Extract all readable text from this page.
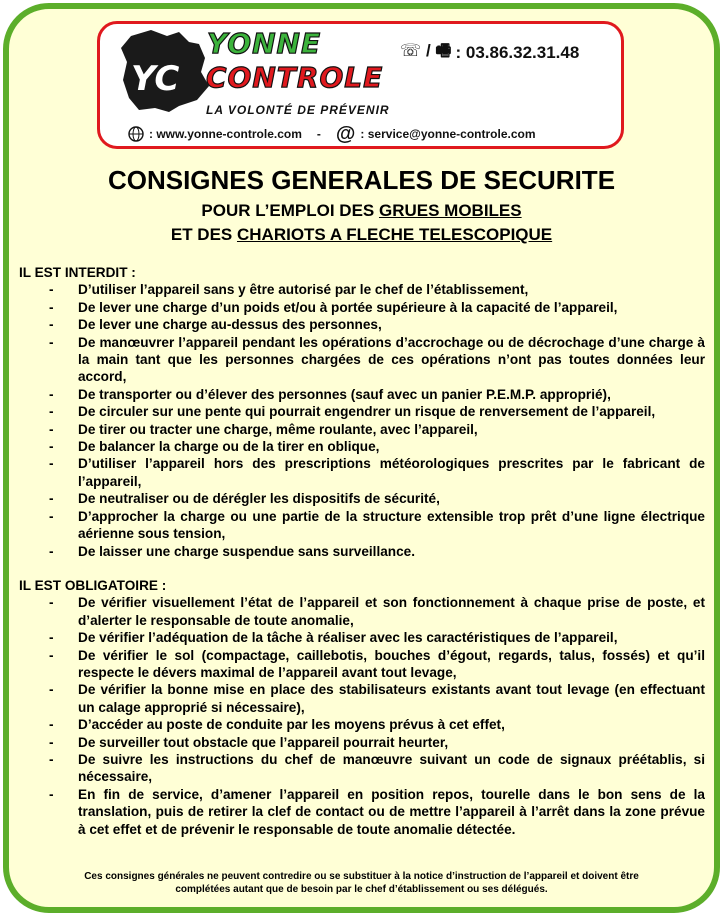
YC
YONNE
CONTROLE
LA VOLONTÉ DE PRÉVENIR
☏ / 🖷 : 03.86.32.31.48
: www.yonne-controle.com - @ : service@yonne-controle.com
CONSIGNES GENERALES DE SECURITE

POUR L’EMPLOI DES GRUES MOBILES

ET DES CHARIOTS A FLECHE TELESCOPIQUE

IL EST INTERDIT :

- D’utiliser l’appareil sans y être autorisé par le chef de l’établissement,
- De lever une charge d’un poids et/ou à portée supérieure à la capacité de l’appareil,
- De lever une charge au-dessus des personnes,
- De manœuvrer l’appareil pendant les opérations d’accrochage ou de décrochage d’une charge à la main tant que les personnes chargées de ces opérations n’ont pas toutes données leur accord,
- De transporter ou d’élever des personnes (sauf avec un panier P.E.M.P. approprié),
- De circuler sur une pente qui pourrait engendrer un risque de renversement de l’appareil,
- De tirer ou tracter une charge, même roulante, avec l’appareil,
- De balancer la charge ou de la tirer en oblique,
- D’utiliser l’appareil hors des prescriptions météorologiques prescrites par le fabricant de l’appareil,
- De neutraliser ou de dérégler les dispositifs de sécurité,
- D’approcher la charge ou une partie de la structure extensible trop prêt d’une ligne électrique aérienne sous tension,
- De laisser une charge suspendue sans surveillance.

IL EST OBLIGATOIRE :

- De vérifier visuellement l’état de l’appareil et son fonctionnement à chaque prise de poste, et d’alerter le responsable de toute anomalie,
- De vérifier l’adéquation de la tâche à réaliser avec les caractéristiques de l’appareil,
- De vérifier le sol (compactage, caillebotis, bouches d’égout, regards, talus, fossés) et qu’il respecte le dévers maximal de l’appareil avant tout levage,
- De vérifier la bonne mise en place des stabilisateurs existants avant tout levage (en effectuant un calage approprié si nécessaire),
- D’accéder au poste de conduite par les moyens prévus à cet effet,
- De surveiller tout obstacle que l’appareil pourrait heurter,
- De suivre les instructions du chef de manœuvre suivant un code de signaux préétablis, si nécessaire,
- En fin de service, d’amener l’appareil en position repos, tourelle dans le bon sens de la translation, puis de retirer la clef de contact ou de mettre l’appareil à l’arrêt dans la zone prévue à cet effet et de prévenir le responsable de toute anomalie détectée.
Ces consignes générales ne peuvent contredire ou se substituer à la notice d’instruction de l’appareil et doivent être complétées autant que de besoin par le chef d’établissement ou ses délégués.
